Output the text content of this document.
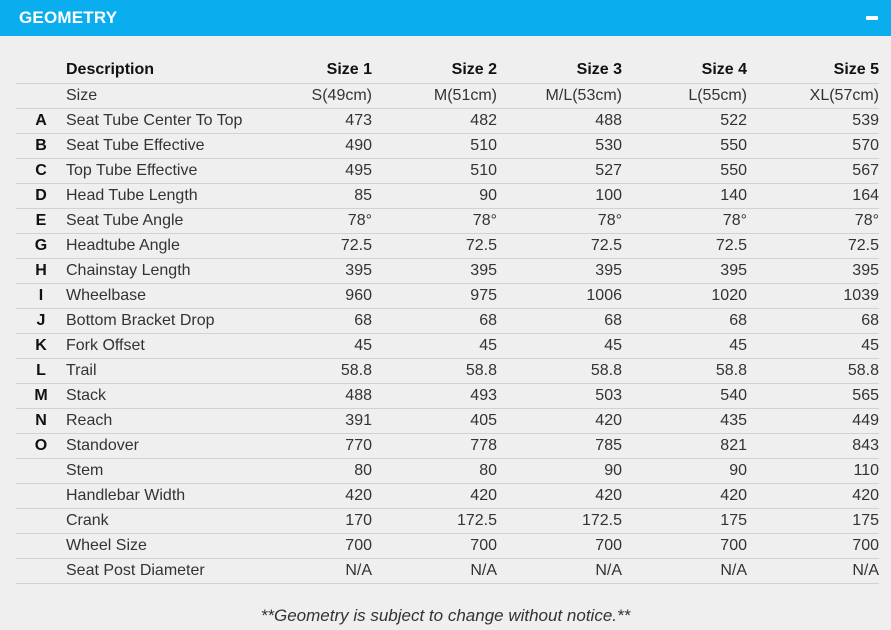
GEOMETRY
	Description	Size 1	Size 2	Size 3	Size 4	Size 5
	Size	S(49cm)	M(51cm)	M/L(53cm)	L(55cm)	XL(57cm)
A	Seat Tube Center To Top	473	482	488	522	539
B	Seat Tube Effective	490	510	530	550	570
C	Top Tube Effective	495	510	527	550	567
D	Head Tube Length	85	90	100	140	164
E	Seat Tube Angle	78°	78°	78°	78°	78°
G	Headtube Angle	72.5	72.5	72.5	72.5	72.5
H	Chainstay Length	395	395	395	395	395
I	Wheelbase	960	975	1006	1020	1039
J	Bottom Bracket Drop	68	68	68	68	68
K	Fork Offset	45	45	45	45	45
L	Trail	58.8	58.8	58.8	58.8	58.8
M	Stack	488	493	503	540	565
N	Reach	391	405	420	435	449
O	Standover	770	778	785	821	843
	Stem	80	80	90	90	110
	Handlebar Width	420	420	420	420	420
	Crank	170	172.5	172.5	175	175
	Wheel Size	700	700	700	700	700
	Seat Post Diameter	N/A	N/A	N/A	N/A	N/A
**Geometry is subject to change without notice.**
